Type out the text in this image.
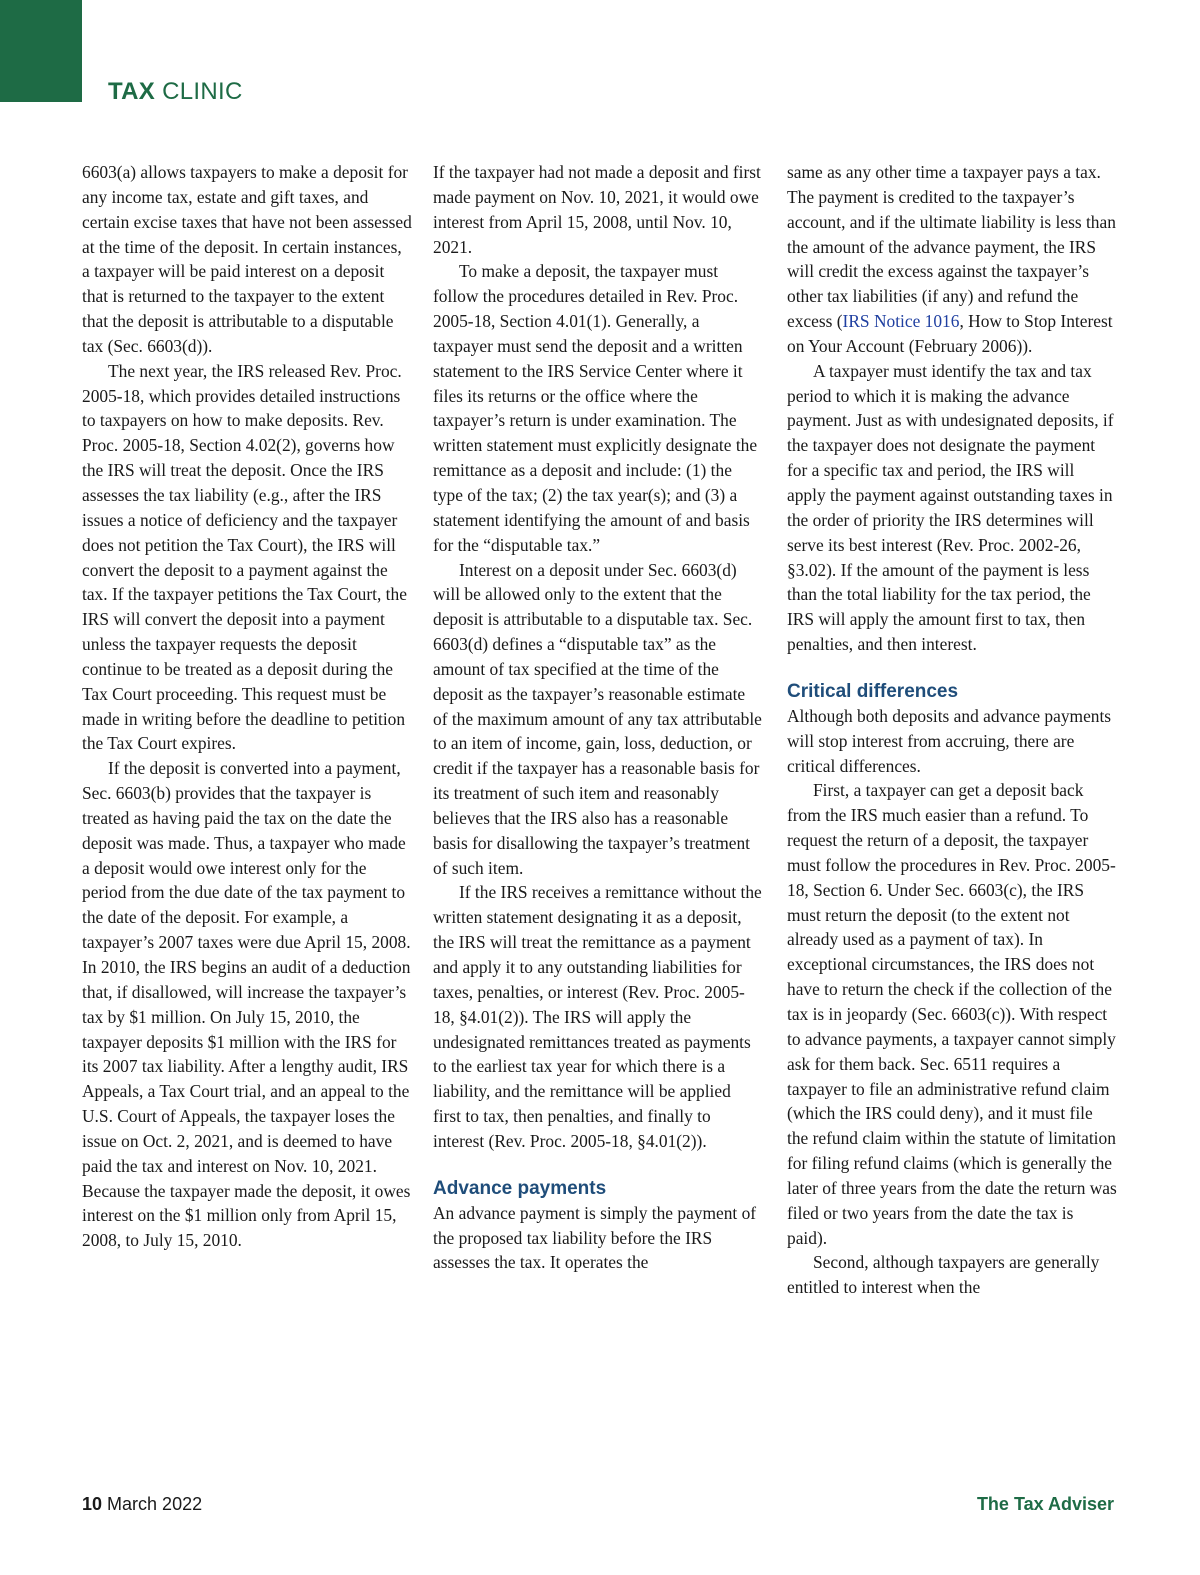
TAX CLINIC

6603(a) allows taxpayers to make a deposit for any income tax, estate and gift taxes, and certain excise taxes that have not been assessed at the time of the deposit. In certain instances, a taxpayer will be paid interest on a deposit that is returned to the taxpayer to the extent that the deposit is attributable to a disputable tax (Sec. 6603(d)).

The next year, the IRS released Rev. Proc. 2005-18, which provides detailed instructions to taxpayers on how to make deposits. Rev. Proc. 2005-18, Section 4.02(2), governs how the IRS will treat the deposit. Once the IRS assesses the tax liability (e.g., after the IRS issues a notice of deficiency and the taxpayer does not petition the Tax Court), the IRS will convert the deposit to a payment against the tax. If the taxpayer petitions the Tax Court, the IRS will convert the deposit into a payment unless the taxpayer requests the deposit continue to be treated as a deposit during the Tax Court proceeding. This request must be made in writing before the deadline to petition the Tax Court expires.

If the deposit is converted into a payment, Sec. 6603(b) provides that the taxpayer is treated as having paid the tax on the date the deposit was made. Thus, a taxpayer who made a deposit would owe interest only for the period from the due date of the tax payment to the date of the deposit. For example, a taxpayer’s 2007 taxes were due April 15, 2008. In 2010, the IRS begins an audit of a deduction that, if disallowed, will increase the taxpayer’s tax by $1 million. On July 15, 2010, the taxpayer deposits $1 million with the IRS for its 2007 tax liability. After a lengthy audit, IRS Appeals, a Tax Court trial, and an appeal to the U.S. Court of Appeals, the taxpayer loses the issue on Oct. 2, 2021, and is deemed to have paid the tax and interest on Nov. 10, 2021. Because the taxpayer made the deposit, it owes interest on the $1 million only from April 15, 2008, to July 15, 2010.

If the taxpayer had not made a deposit and first made payment on Nov. 10, 2021, it would owe interest from April 15, 2008, until Nov. 10, 2021.

To make a deposit, the taxpayer must follow the procedures detailed in Rev. Proc. 2005-18, Section 4.01(1). Generally, a taxpayer must send the deposit and a written statement to the IRS Service Center where it files its returns or the office where the taxpayer’s return is under examination. The written statement must explicitly designate the remittance as a deposit and include: (1) the type of the tax; (2) the tax year(s); and (3) a statement identifying the amount of and basis for the “disputable tax.”

Interest on a deposit under Sec. 6603(d) will be allowed only to the extent that the deposit is attributable to a disputable tax. Sec. 6603(d) defines a “disputable tax” as the amount of tax specified at the time of the deposit as the taxpayer’s reasonable estimate of the maximum amount of any tax attributable to an item of income, gain, loss, deduction, or credit if the taxpayer has a reasonable basis for its treatment of such item and reasonably believes that the IRS also has a reasonable basis for disallowing the taxpayer’s treatment of such item.

If the IRS receives a remittance without the written statement designating it as a deposit, the IRS will treat the remittance as a payment and apply it to any outstanding liabilities for taxes, penalties, or interest (Rev. Proc. 2005-18, §4.01(2)). The IRS will apply the undesignated remittances treated as payments to the earliest tax year for which there is a liability, and the remittance will be applied first to tax, then penalties, and finally to interest (Rev. Proc. 2005-18, §4.01(2)).

Advance payments

An advance payment is simply the payment of the proposed tax liability before the IRS assesses the tax. It operates the

same as any other time a taxpayer pays a tax. The payment is credited to the taxpayer’s account, and if the ultimate liability is less than the amount of the advance payment, the IRS will credit the excess against the taxpayer’s other tax liabilities (if any) and refund the excess (IRS Notice 1016, How to Stop Interest on Your Account (February 2006)).

A taxpayer must identify the tax and tax period to which it is making the advance payment. Just as with undesignated deposits, if the taxpayer does not designate the payment for a specific tax and period, the IRS will apply the payment against outstanding taxes in the order of priority the IRS determines will serve its best interest (Rev. Proc. 2002-26, §3.02). If the amount of the payment is less than the total liability for the tax period, the IRS will apply the amount first to tax, then penalties, and then interest.

Critical differences

Although both deposits and advance payments will stop interest from accruing, there are critical differences.

First, a taxpayer can get a deposit back from the IRS much easier than a refund. To request the return of a deposit, the taxpayer must follow the procedures in Rev. Proc. 2005-18, Section 6. Under Sec. 6603(c), the IRS must return the deposit (to the extent not already used as a payment of tax). In exceptional circumstances, the IRS does not have to return the check if the collection of the tax is in jeopardy (Sec. 6603(c)). With respect to advance payments, a taxpayer cannot simply ask for them back. Sec. 6511 requires a taxpayer to file an administrative refund claim (which the IRS could deny), and it must file the refund claim within the statute of limitation for filing refund claims (which is generally the later of three years from the date the return was filed or two years from the date the tax is paid).

Second, although taxpayers are generally entitled to interest when the

10 March 2022	The Tax Adviser
